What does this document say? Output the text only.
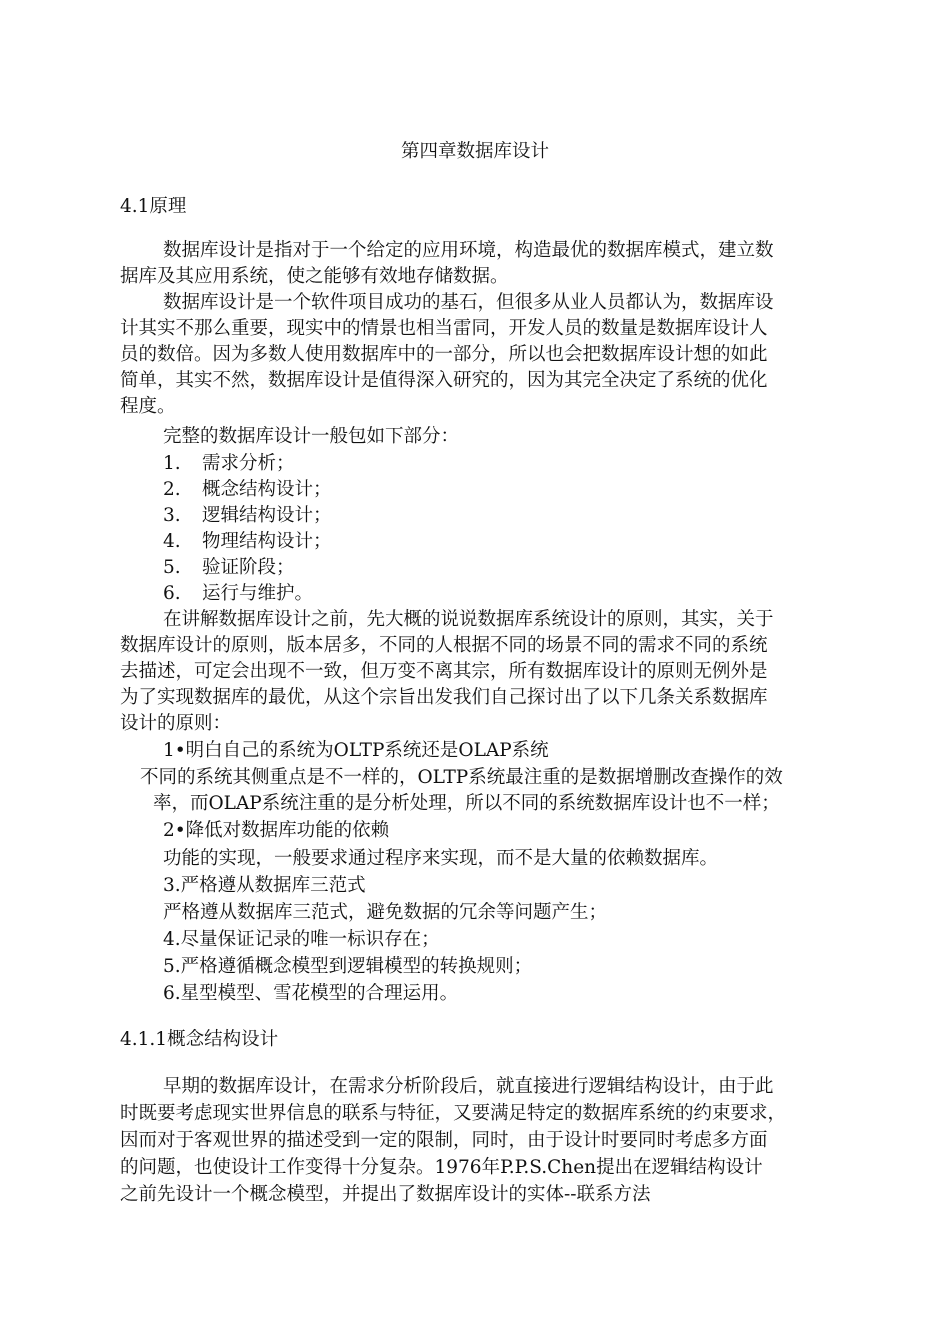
第四章数据库设计
4.1原理
数据库设计是指对于一个给定的应用环境，构造最优的数据库模式，建立数
据库及其应用系统，使之能够有效地存储数据。
数据库设计是一个软件项目成功的基石，但很多从业人员都认为，数据库设
计其实不那么重要，现实中的情景也相当雷同，开发人员的数量是数据库设计人
员的数倍。因为多数人使用数据库中的一部分，所以也会把数据库设计想的如此
简单，其实不然，数据库设计是值得深入研究的，因为其完全决定了系统的优化
程度。
完整的数据库设计一般包如下部分：
1. 需求分析；
2. 概念结构设计；
3. 逻辑结构设计；
4. 物理结构设计；
5. 验证阶段；
6. 运行与维护。
在讲解数据库设计之前，先大概的说说数据库系统设计的原则，其实，关于
数据库设计的原则，版本居多，不同的人根据不同的场景不同的需求不同的系统
去描述，可定会出现不一致，但万变不离其宗，所有数据库设计的原则无例外是
为了实现数据库的最优，从这个宗旨出发我们自己探讨出了以下几条关系数据库
设计的原则：
1•明白自己的系统为OLTP系统还是OLAP系统
不同的系统其侧重点是不一样的，OLTP系统最注重的是数据增删改查操作的效
率，而OLAP系统注重的是分析处理，所以不同的系统数据库设计也不一样；
2•降低对数据库功能的依赖
功能的实现，一般要求通过程序来实现，而不是大量的依赖数据库。
3.严格遵从数据库三范式
严格遵从数据库三范式，避免数据的冗余等问题产生；
4.尽量保证记录的唯一标识存在；
5.严格遵循概念模型到逻辑模型的转换规则；
6.星型模型、雪花模型的合理运用。
4.1.1概念结构设计
早期的数据库设计，在需求分析阶段后，就直接进行逻辑结构设计，由于此
时既要考虑现实世界信息的联系与特征，又要满足特定的数据库系统的约束要求，
因而对于客观世界的描述受到一定的限制，同时，由于设计时要同时考虑多方面
的问题，也使设计工作变得十分复杂。1976年P.P.S.Chen提出在逻辑结构设计
之前先设计一个概念模型，并提出了数据库设计的实体--联系方法
